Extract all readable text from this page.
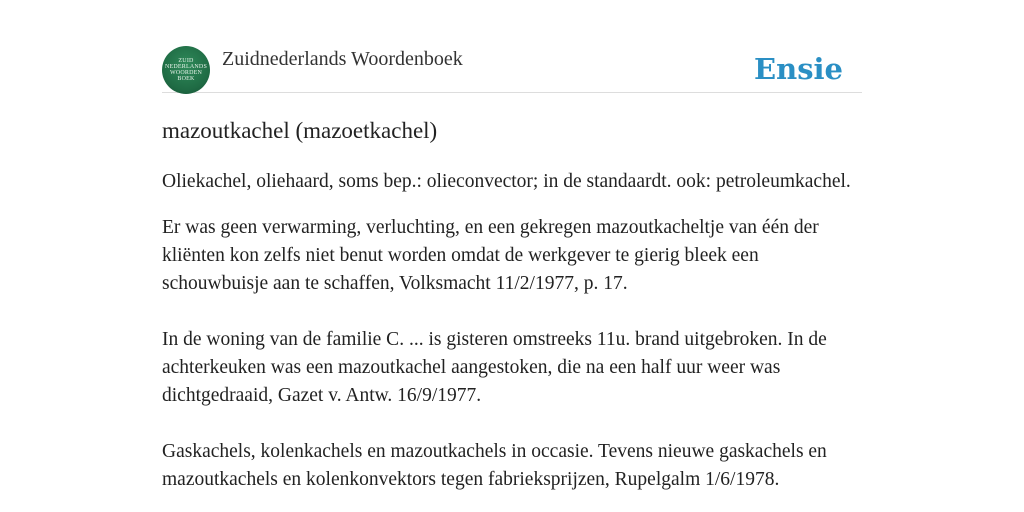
ZUID
NEDERLANDS
WOORDEN
BOEK
Zuidnederlands Woordenboek	Ensie
mazoutkachel (mazoetkachel)

Oliekachel, oliehaard, soms bep.: olieconvector; in de standaardt. ook: petroleumkachel.

Er was geen verwarming, verluchting, en een gekregen mazoutkacheltje van één der kliënten kon zelfs niet benut worden omdat de werkgever te gierig bleek een schouwbuisje aan te schaffen, Volksmacht 11/2/1977, p. 17.

In de woning van de familie C. ... is gisteren omstreeks 11u. brand uitgebroken. In de achterkeuken was een mazoutkachel aangestoken, die na een half uur weer was dichtgedraaid, Gazet v. Antw. 16/9/1977.

Gaskachels, kolenkachels en mazoutkachels in occasie. Tevens nieuwe gaskachels en mazoutkachels en kolenkonvektors tegen fabrieksprijzen, Rupelgalm 1/6/1978.
